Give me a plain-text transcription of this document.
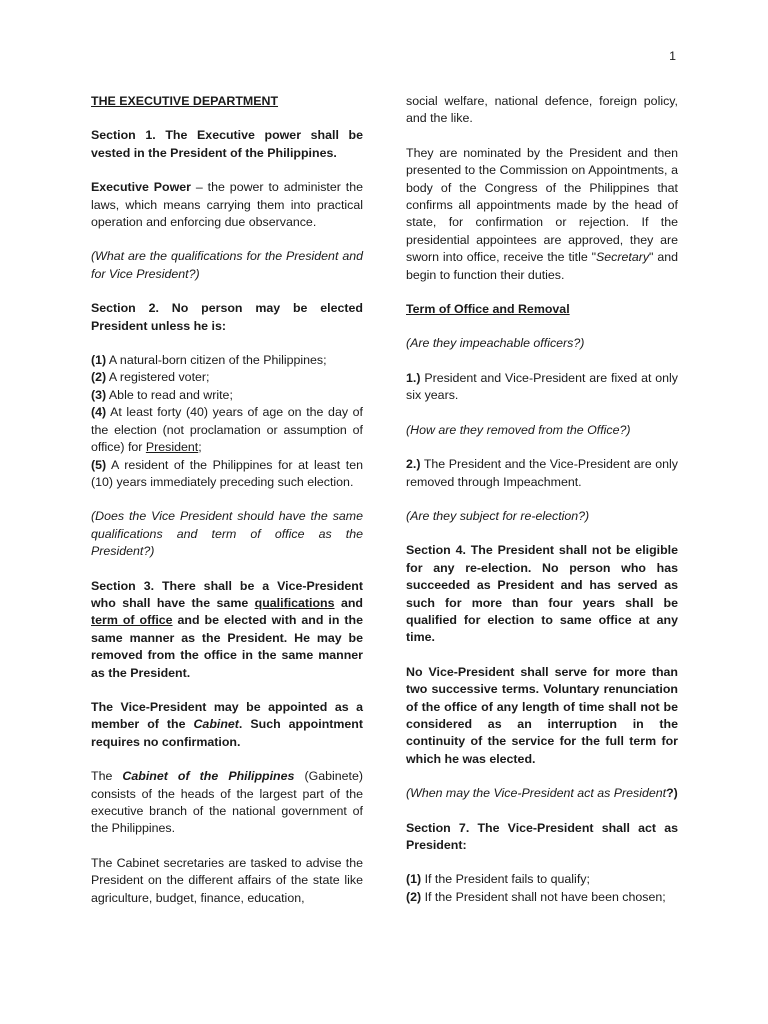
1

THE EXECUTIVE DEPARTMENT

Section 1. The Executive power shall be vested in the President of the Philippines.

Executive Power – the power to administer the laws, which means carrying them into practical operation and enforcing due observance.

(What are the qualifications for the President and for Vice President?)

Section 2. No person may be elected President unless he is:

(1) A natural-born citizen of the Philippines;
(2) A registered voter;
(3) Able to read and write;
(4) At least forty (40) years of age on the day of the election (not proclamation or assumption of office) for President;
(5) A resident of the Philippines for at least ten (10) years immediately preceding such election.

(Does the Vice President should have the same qualifications and term of office as the President?)

Section 3. There shall be a Vice-President who shall have the same qualifications and term of office and be elected with and in the same manner as the President. He may be removed from the office in the same manner as the President.

The Vice-President may be appointed as a member of the Cabinet. Such appointment requires no confirmation.

The Cabinet of the Philippines (Gabinete) consists of the heads of the largest part of the executive branch of the national government of the Philippines.

The Cabinet secretaries are tasked to advise the President on the different affairs of the state like agriculture, budget, finance, education,

social welfare, national defence, foreign policy, and the like.

They are nominated by the President and then presented to the Commission on Appointments, a body of the Congress of the Philippines that confirms all appointments made by the head of state, for confirmation or rejection. If the presidential appointees are approved, they are sworn into office, receive the title "Secretary" and begin to function their duties.

Term of Office and Removal

(Are they impeachable officers?)

1.) President and Vice-President are fixed at only six years.

(How are they removed from the Office?)

2.) The President and the Vice-President are only removed through Impeachment.

(Are they subject for re-election?)

Section 4. The President shall not be eligible for any re-election. No person who has succeeded as President and has served as such for more than four years shall be qualified for election to same office at any time.

No Vice-President shall serve for more than two successive terms. Voluntary renunciation of the office of any length of time shall not be considered as an interruption in the continuity of the service for the full term for which he was elected.

(When may the Vice-President act as President?)

Section 7. The Vice-President shall act as President:

(1) If the President fails to qualify;
(2) If the President shall not have been chosen;
